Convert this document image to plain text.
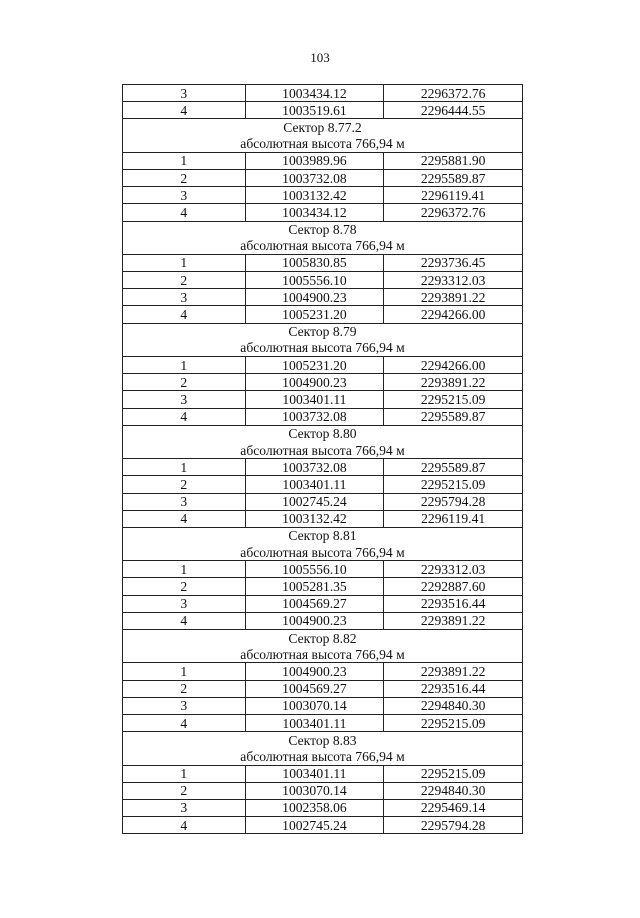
103
3	1003434.12	2296372.76
4	1003519.61	2296444.55
Сектор 8.77.2		
абсолютная высота 766,94 м		
1	1003989.96	2295881.90
2	1003732.08	2295589.87
3	1003132.42	2296119.41
4	1003434.12	2296372.76
Сектор 8.78		
абсолютная высота 766,94 м		
1	1005830.85	2293736.45
2	1005556.10	2293312.03
3	1004900.23	2293891.22
4	1005231.20	2294266.00
Сектор 8.79		
абсолютная высота 766,94 м		
1	1005231.20	2294266.00
2	1004900.23	2293891.22
3	1003401.11	2295215.09
4	1003732.08	2295589.87
Сектор 8.80		
абсолютная высота 766,94 м		
1	1003732.08	2295589.87
2	1003401.11	2295215.09
3	1002745.24	2295794.28
4	1003132.42	2296119.41
Сектор 8.81		
абсолютная высота 766,94 м		
1	1005556.10	2293312.03
2	1005281.35	2292887.60
3	1004569.27	2293516.44
4	1004900.23	2293891.22
Сектор 8.82		
абсолютная высота 766,94 м		
1	1004900.23	2293891.22
2	1004569.27	2293516.44
3	1003070.14	2294840.30
4	1003401.11	2295215.09
Сектор 8.83		
абсолютная высота 766,94 м		
1	1003401.11	2295215.09
2	1003070.14	2294840.30
3	1002358.06	2295469.14
4	1002745.24	2295794.28
